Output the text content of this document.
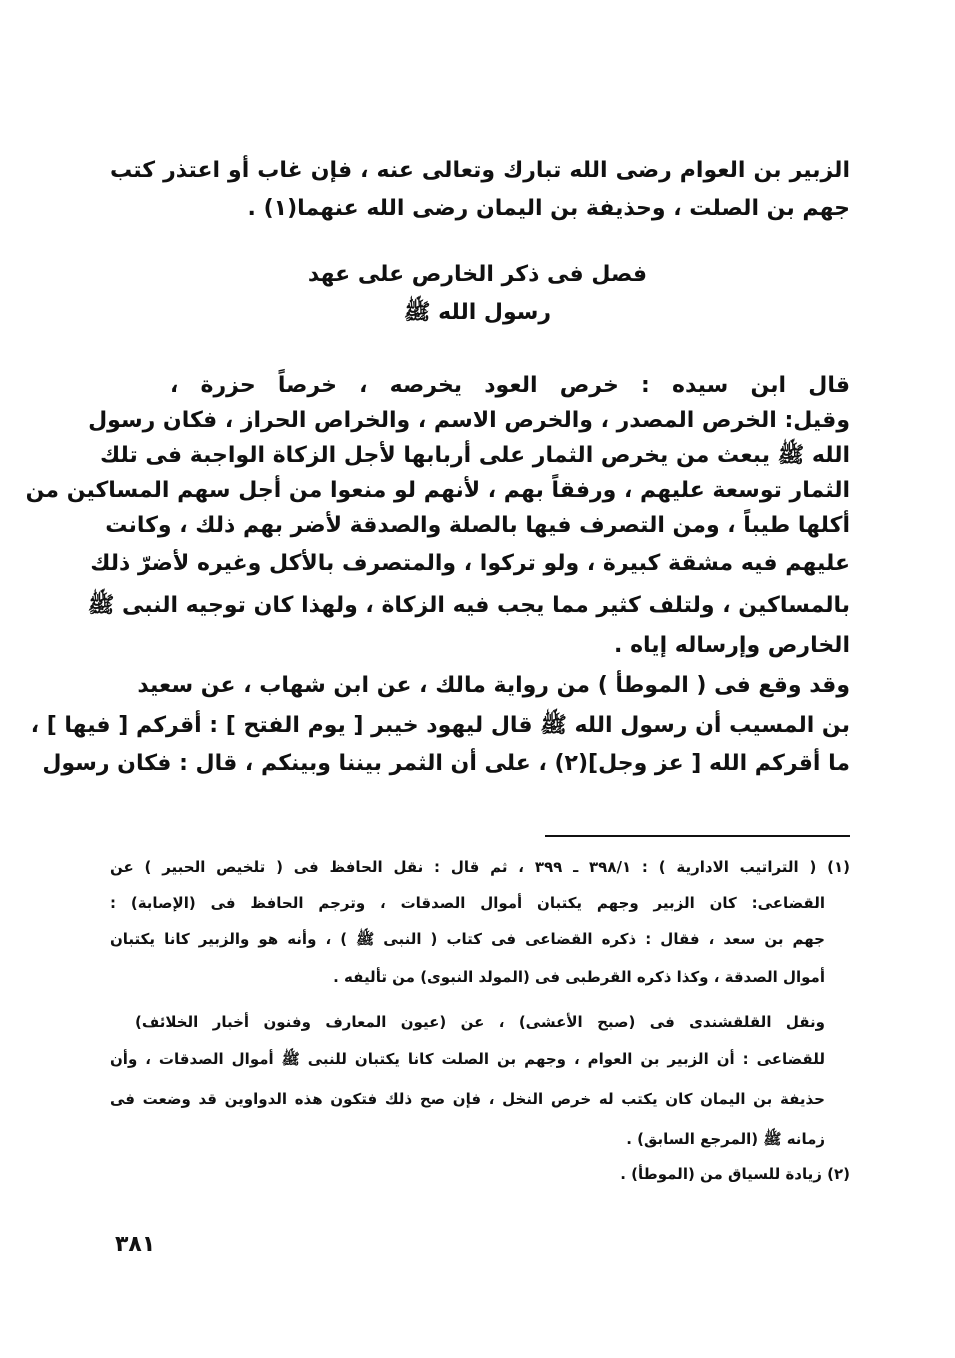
الزبير بن العوام رضى الله تبارك وتعالى عنه ، فإن غاب أو اعتذر كتب
جهم بن الصلت ، وحذيفة بن اليمان رضى الله عنهما(١) .
فصل فى ذكر الخارص على عهد
رسول الله ﷺ
قال ابن سيده : خرص العود يخرصه ، خرصاً حزرة ،
وقيل: الخرص المصدر ، والخرص الاسم ، والخراص الحراز ، فكان رسول
الله ﷺ يبعث من يخرص الثمار على أربابها لأجل الزكاة الواجبة فى تلك
الثمار توسعة عليهم ، ورفقاً بهم ، لأنهم لو منعوا من أجل سهم المساكين من
أكلها طيباً ، ومن التصرف فيها بالصلة والصدقة لأضر بهم ذلك ، وكانت
عليهم فيه مشقة كبيرة ، ولو تركوا ، والمتصرف بالأكل وغيره لأضرّ ذلك
بالمساكين ، ولتلف كثير مما يجب فيه الزكاة ، ولهذا كان توجيه النبى ﷺ
الخارص وإرساله إياه .
وقد وقع فى ( الموطأ ) من رواية مالك ، عن ابن شهاب ، عن سعيد
بن المسيب أن رسول الله ﷺ قال ليهود خيبر [ يوم الفتح ] : أقركم [ فيها ] ،
ما أقركم الله [ عز وجل](٢) ، على أن الثمر بيننا وبينكم ، قال : فكان رسول
(١) ( التراتيب الادارية ) : ٣٩٨/١ ـ ٣٩٩ ، ثم قال : نقل الحافظ فى ( تلخيص الحبير ) عن
القضاعى: كان الزبير وجهم يكتبان أموال الصدقات ، وترجم الحافظ فى (الإصابة) :
جهم بن سعد ، فقال : ذكره القضاعى فى كتاب ( النبى ﷺ ) ، وأنه هو والزبير كانا يكتبان
أموال الصدقة ، وكذا ذكره القرطبى فى (المولد النبوى) من تأليفه .
ونقل القلقشندى فى (صبح الأعشى) ، عن (عيون المعارف وفنون أخبار الخلائف)
للقضاعى : أن الزبير بن العوام ، وجهم بن الصلت كانا يكتبان للنبى ﷺ أموال الصدقات ، وأن
حذيفة بن اليمان كان يكتب له خرص النخل ، فإن صح ذلك فتكون هذه الدواوين قد وضعت فى
زمانه ﷺ (المرجع السابق) .
(٢) زيادة للسياق من (الموطأ) .
٣٨١
